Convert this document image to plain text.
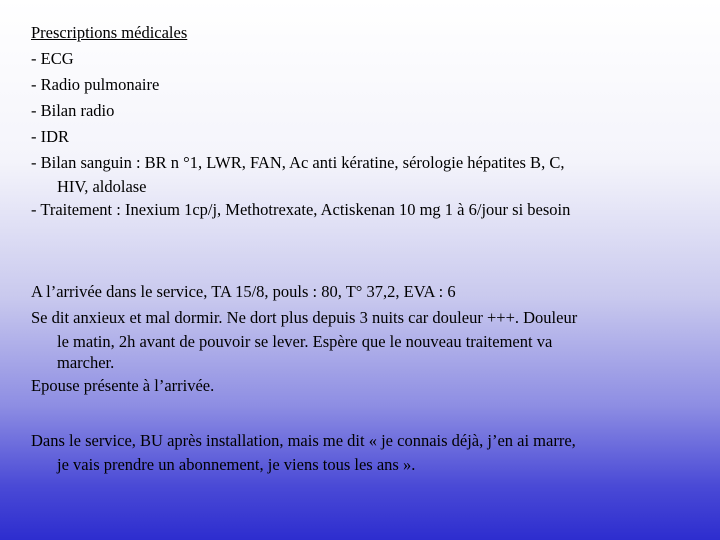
Prescriptions médicales
- ECG
- Radio pulmonaire
- Bilan radio
- IDR
- Bilan sanguin : BR n °1, LWR, FAN, Ac anti kératine, sérologie hépatites B, C,
HIV, aldolase
- Traitement : Inexium 1cp/j, Methotrexate, Actiskenan 10 mg 1 à 6/jour si besoin
A l’arrivée dans le service, TA 15/8, pouls : 80, T° 37,2, EVA : 6
Se dit anxieux et mal dormir. Ne dort plus depuis 3 nuits car douleur +++. Douleur
le matin, 2h avant de pouvoir se lever. Espère que le nouveau traitement va
marcher.
Epouse présente à l’arrivée.
Dans le service, BU après installation, mais me dit « je connais déjà, j’en ai marre,
je vais prendre un abonnement, je viens tous les ans ».
